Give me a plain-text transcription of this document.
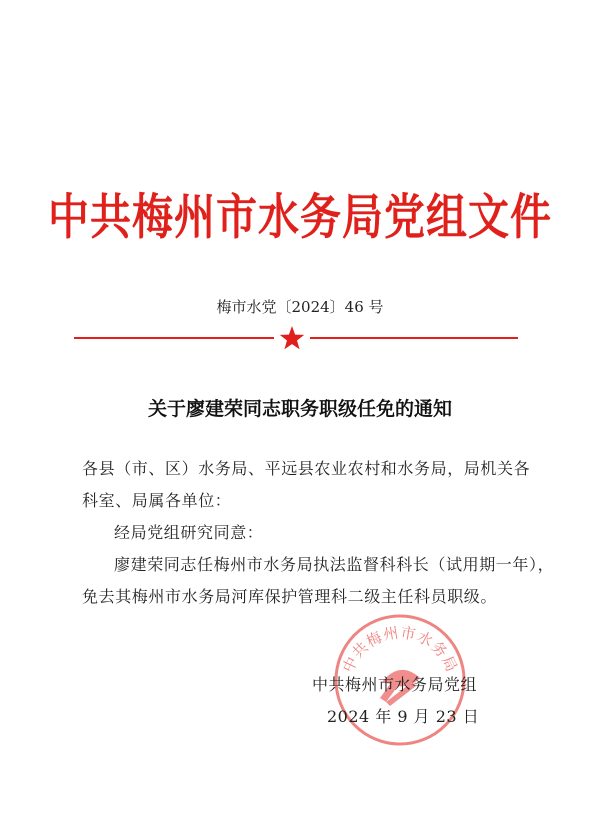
中共梅州市水务局党组文件
梅市水党〔2024〕46 号
关于廖建荣同志职务职级任免的通知
各县（市、区）水务局、平远县农业农村和水务局，局机关各
科室、局属各单位：
经局党组研究同意：
廖建荣同志任梅州市水务局执法监督科科长（试用期一年），
免去其梅州市水务局河库保护管理科二级主任科员职级。
中共梅州市水务局
中共梅州市水务局党组
2024 年 9 月 23 日
